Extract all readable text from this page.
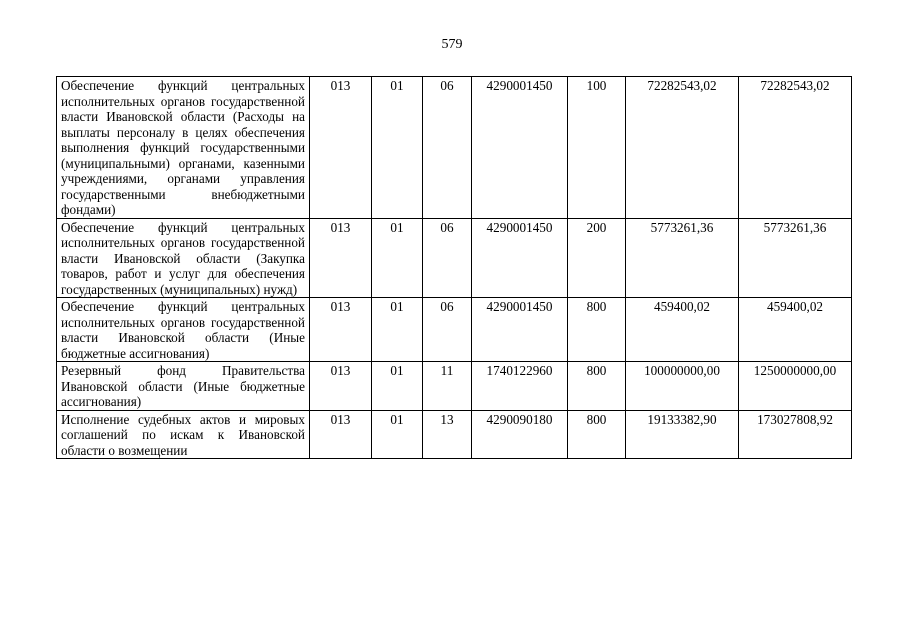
579
Обеспечение функций центральных исполнительных органов государственной власти Ивановской области (Расходы на выплаты персоналу в целях обеспечения выполнения функций государственными (муниципальными) органами, казенными учреждениями, органами управления государственными внебюджетными фондами)	013	01	06	4290001450	100	72282543,02	72282543,02
Обеспечение функций центральных исполнительных органов государственной власти Ивановской области (Закупка товаров, работ и услуг для обеспечения государственных (муниципальных) нужд)	013	01	06	4290001450	200	5773261,36	5773261,36
Обеспечение функций центральных исполнительных органов государственной власти Ивановской области (Иные бюджетные ассигнования)	013	01	06	4290001450	800	459400,02	459400,02
Резервный фонд Правительства Ивановской области (Иные бюджетные ассигнования)	013	01	11	1740122960	800	100000000,00	1250000000,00
Исполнение судебных актов и мировых соглашений по искам к Ивановской области о возмещении	013	01	13	4290090180	800	19133382,90	173027808,92
